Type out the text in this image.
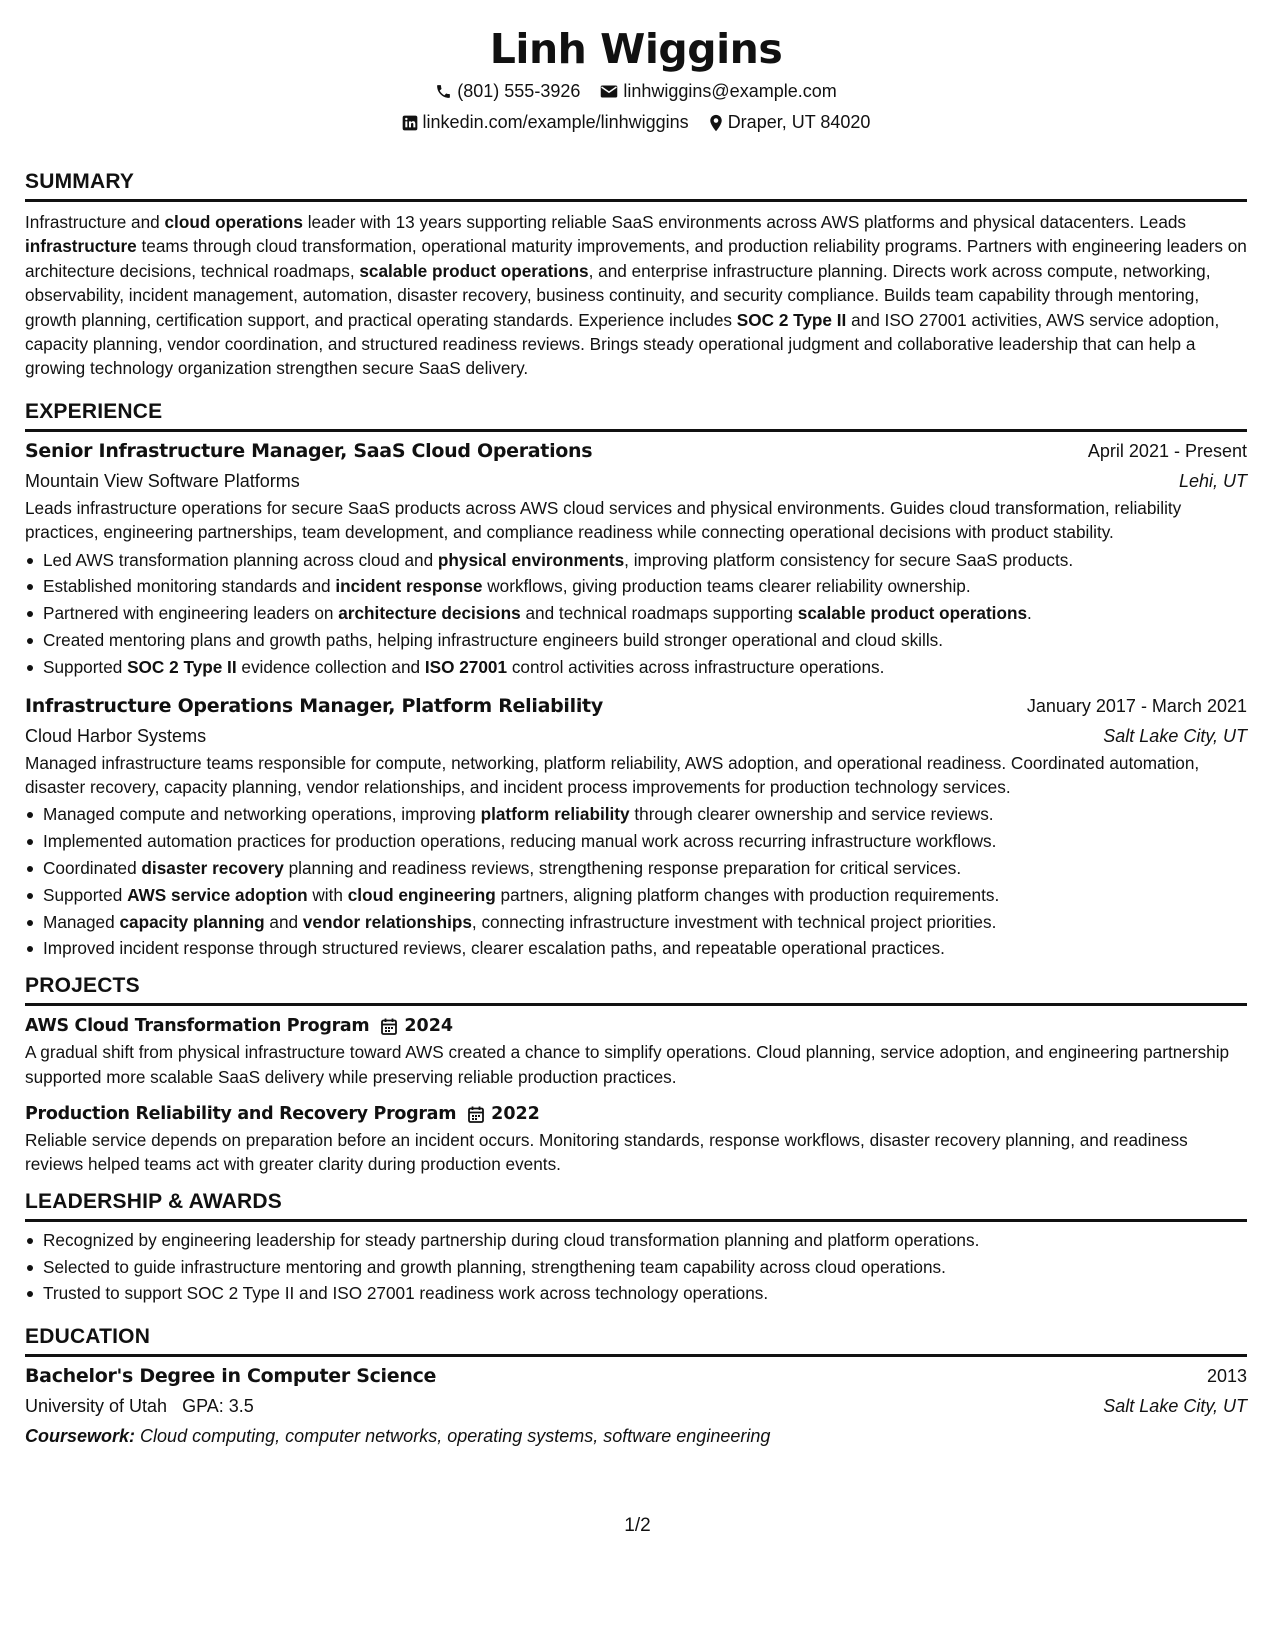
Linh Wiggins
(801) 555-3926 linhwiggins@example.com
linkedin.com/example/linhwiggins Draper, UT 84020
SUMMARY

Infrastructure and cloud operations leader with 13 years supporting reliable SaaS environments across AWS platforms and physical datacenters. Leads infrastructure teams through cloud transformation, operational maturity improvements, and production reliability programs. Partners with engineering leaders on architecture decisions, technical roadmaps, scalable product operations, and enterprise infrastructure planning. Directs work across compute, networking, observability, incident management, automation, disaster recovery, business continuity, and security compliance. Builds team capability through mentoring, growth planning, certification support, and practical operating standards. Experience includes SOC 2 Type II and ISO 27001 activities, AWS service adoption, capacity planning, vendor coordination, and structured readiness reviews. Brings steady operational judgment and collaborative leadership that can help a growing technology organization strengthen secure SaaS delivery.

EXPERIENCE
Senior Infrastructure Manager, SaaS Cloud Operations	April 2021 - Present
Mountain View Software Platforms	Lehi, UT

Leads infrastructure operations for secure SaaS products across AWS cloud services and physical environments. Guides cloud transformation, reliability practices, engineering partnerships, team development, and compliance readiness while connecting operational decisions with product stability.

Led AWS transformation planning across cloud and physical environments, improving platform consistency for secure SaaS products.
Established monitoring standards and incident response workflows, giving production teams clearer reliability ownership.
Partnered with engineering leaders on architecture decisions and technical roadmaps supporting scalable product operations.
Created mentoring plans and growth paths, helping infrastructure engineers build stronger operational and cloud skills.
Supported SOC 2 Type II evidence collection and ISO 27001 control activities across infrastructure operations.
Infrastructure Operations Manager, Platform Reliability	January 2017 - March 2021
Cloud Harbor Systems	Salt Lake City, UT

Managed infrastructure teams responsible for compute, networking, platform reliability, AWS adoption, and operational readiness. Coordinated automation, disaster recovery, capacity planning, vendor relationships, and incident process improvements for production technology services.

Managed compute and networking operations, improving platform reliability through clearer ownership and service reviews.
Implemented automation practices for production operations, reducing manual work across recurring infrastructure workflows.
Coordinated disaster recovery planning and readiness reviews, strengthening response preparation for critical services.
Supported AWS service adoption with cloud engineering partners, aligning platform changes with production requirements.
Managed capacity planning and vendor relationships, connecting infrastructure investment with technical project priorities.
Improved incident response through structured reviews, clearer escalation paths, and repeatable operational practices.
PROJECTS
AWS Cloud Transformation Program 2024

A gradual shift from physical infrastructure toward AWS created a chance to simplify operations. Cloud planning, service adoption, and engineering partnership supported more scalable SaaS delivery while preserving reliable production practices.

Production Reliability and Recovery Program 2022

Reliable service depends on preparation before an incident occurs. Monitoring standards, response workflows, disaster recovery planning, and readiness reviews helped teams act with greater clarity during production events.

LEADERSHIP & AWARDS
Recognized by engineering leadership for steady partnership during cloud transformation planning and platform operations.
Selected to guide infrastructure mentoring and growth planning, strengthening team capability across cloud operations.
Trusted to support SOC 2 Type II and ISO 27001 readiness work across technology operations.
EDUCATION
Bachelor's Degree in Computer Science	2013
University of Utah GPA: 3.5	Salt Lake City, UT
Coursework: Cloud computing, computer networks, operating systems, software engineering
1/2
